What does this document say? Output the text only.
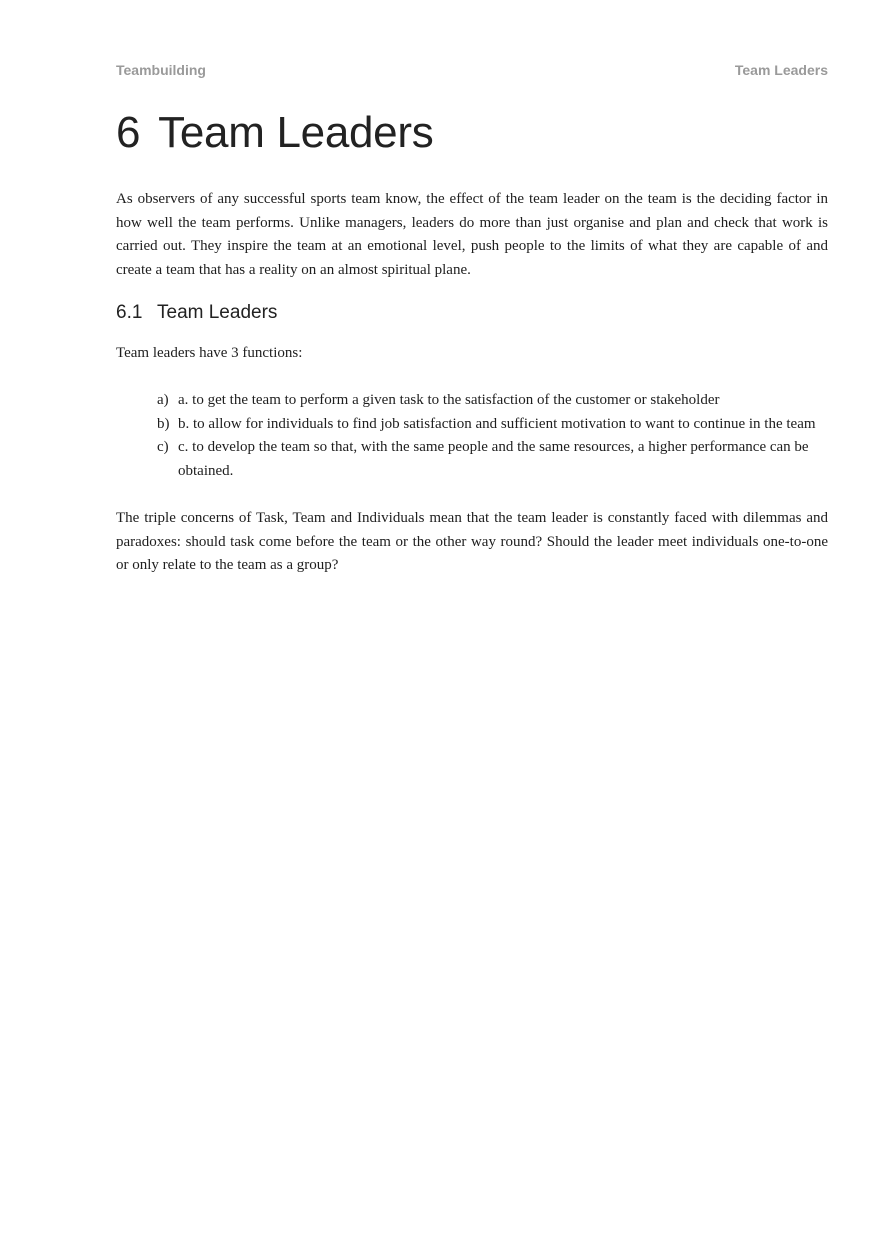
Teambuilding	Team Leaders
6 Team Leaders

As observers of any successful sports team know, the effect of the team leader on the team is the deciding factor in how well the team performs. Unlike managers, leaders do more than just organise and plan and check that work is carried out. They inspire the team at an emotional level, push people to the limits of what they are capable of and create a team that has a reality on an almost spiritual plane.

6.1 Team Leaders

Team leaders have 3 functions:

a) a. to get the team to perform a given task to the satisfaction of the customer or stakeholder
b) b. to allow for individuals to find job satisfaction and sufficient motivation to want to continue in the team
c) c. to develop the team so that, with the same people and the same resources, a higher performance can be obtained.

The triple concerns of Task, Team and Individuals mean that the team leader is constantly faced with dilemmas and paradoxes: should task come before the team or the other way round? Should the leader meet individuals one-to-one or only relate to the team as a group?
